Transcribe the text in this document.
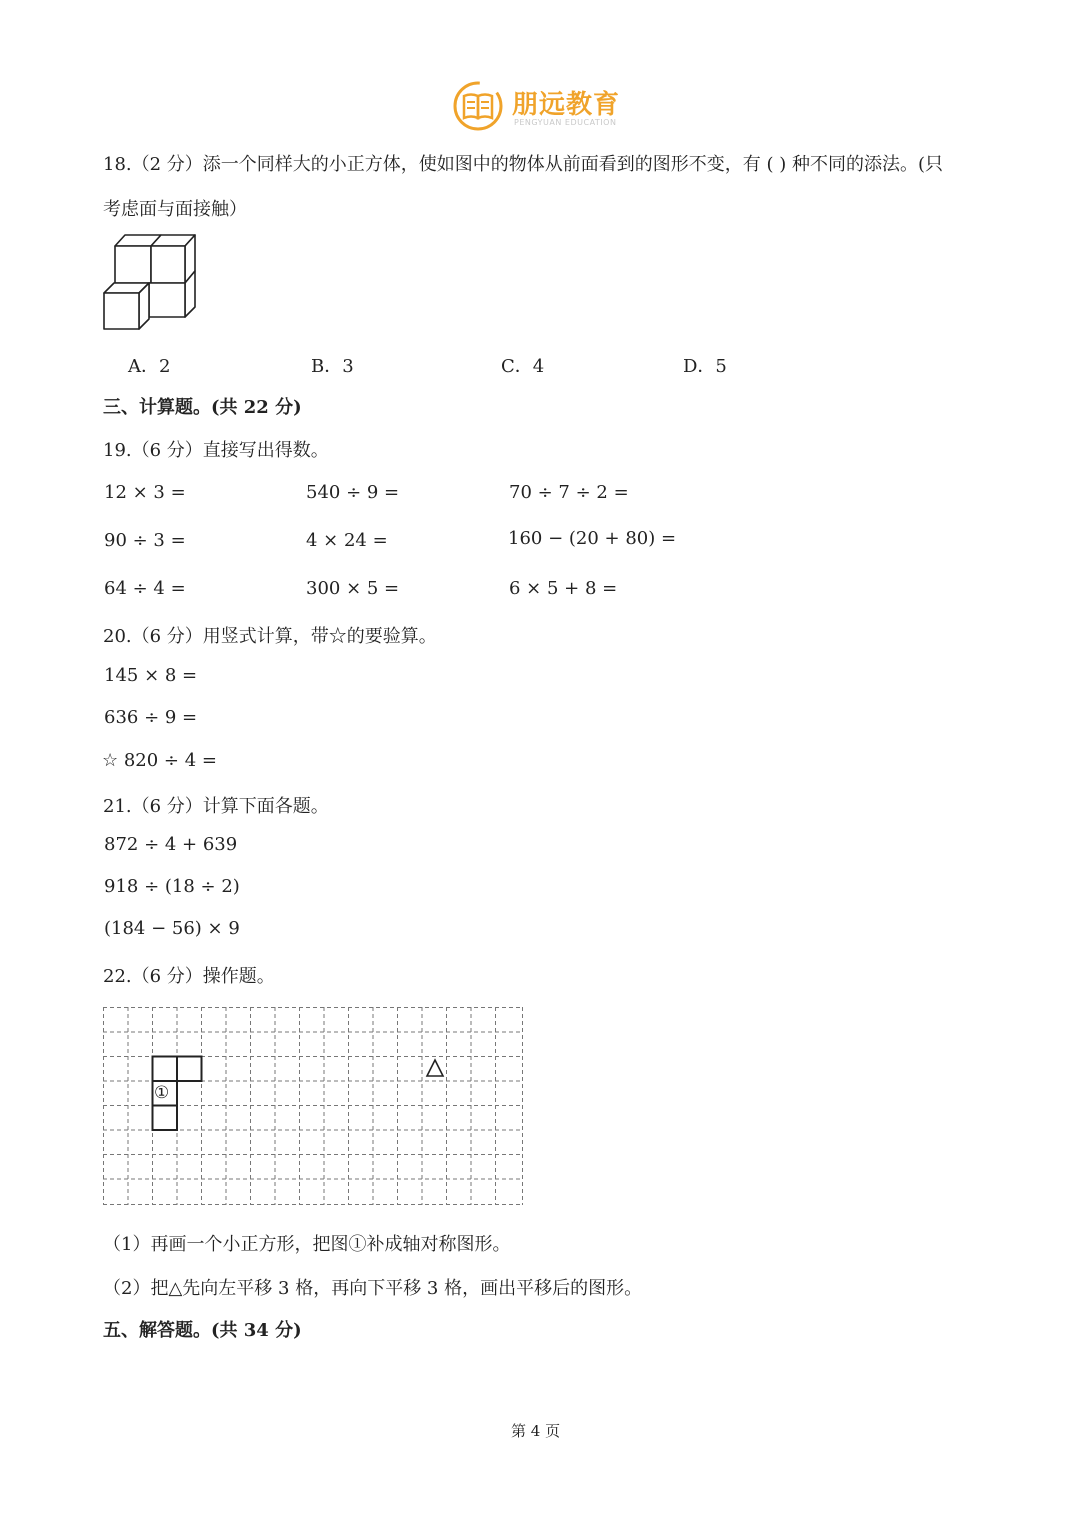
朋远教育
PENGYUAN EDUCATION
18.（2 分）添一个同样大的小正方体，使如图中的物体从前面看到的图形不变，有 ( ) 种不同的添法。(只
考虑面与面接触）
A．2	B．3	C．4	D．5
三、计算题。(共 22 分)
19.（6 分）直接写出得数。
12 × 3 =	540 ÷ 9 =	70 ÷ 7 ÷ 2 =
90 ÷ 3 =	4 × 24 =	160 − (20 + 80) =
64 ÷ 4 =	300 × 5 =	6 × 5 + 8 =
20.（6 分）用竖式计算，带☆的要验算。
145 × 8 =
636 ÷ 9 =
☆ 820 ÷ 4 =
21.（6 分）计算下面各题。
872 ÷ 4 + 639
918 ÷ (18 ÷ 2)
(184 − 56) × 9
22.（6 分）操作题。
①
（1）再画一个小正方形，把图①补成轴对称图形。
（2）把△先向左平移 3 格，再向下平移 3 格，画出平移后的图形。
五、解答题。(共 34 分)
第 4 页
